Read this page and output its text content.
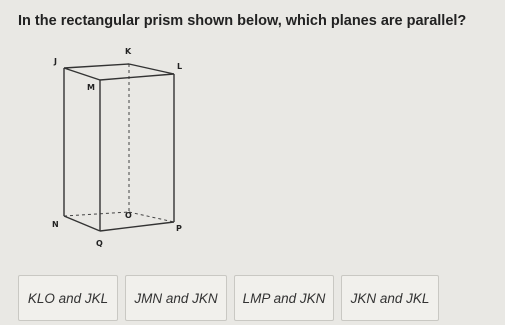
In the rectangular prism shown below, which planes are parallel?
J
K
L
M
N
O
P
Q
KLO and JKL JMN and JKN LMP and JKN JKN and JKL
